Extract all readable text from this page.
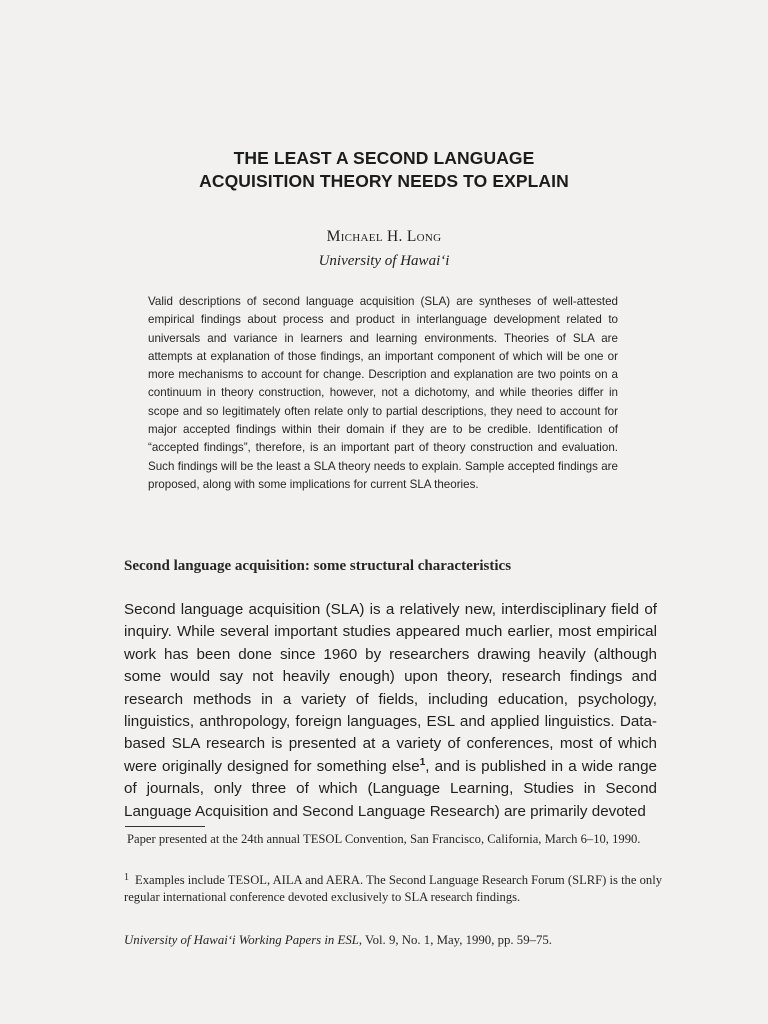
THE LEAST A SECOND LANGUAGE
ACQUISITION THEORY NEEDS TO EXPLAIN
Michael H. Long
University of Hawai‘i
Valid descriptions of second language acquisition (SLA) are syntheses of well-attested empirical findings about process and product in interlanguage development related to universals and variance in learners and learning environments. Theories of SLA are attempts at explanation of those findings, an important component of which will be one or more mechanisms to account for change. Description and explanation are two points on a continuum in theory construction, however, not a dichotomy, and while theories differ in scope and so legitimately often relate only to partial descriptions, they need to account for major accepted findings within their domain if they are to be credible. Identification of “accepted findings”, therefore, is an important part of theory construction and evaluation. Such findings will be the least a SLA theory needs to explain. Sample accepted findings are proposed, along with some implications for current SLA theories.
Second language acquisition: some structural characteristics
Second language acquisition (SLA) is a relatively new, interdisciplinary field of inquiry. While several important studies appeared much earlier, most empirical work has been done since 1960 by researchers drawing heavily (although some would say not heavily enough) upon theory, research findings and research methods in a variety of fields, including education, psychology, linguistics, anthropology, foreign languages, ESL and applied linguistics. Data-based SLA research is presented at a variety of conferences, most of which were originally designed for something else$^1$, and is published in a wide range of journals, only three of which (Language Learning, Studies in Second Language Acquisition and Second Language Research) are primarily devoted
Paper presented at the 24th annual TESOL Convention, San Francisco, California, March 6–10, 1990.
$^1$ Examples include TESOL, AILA and AERA. The Second Language Research Forum (SLRF) is the only regular international conference devoted exclusively to SLA research findings.
University of Hawai‘i Working Papers in ESL, Vol. 9, No. 1, May, 1990, pp. 59–75.
